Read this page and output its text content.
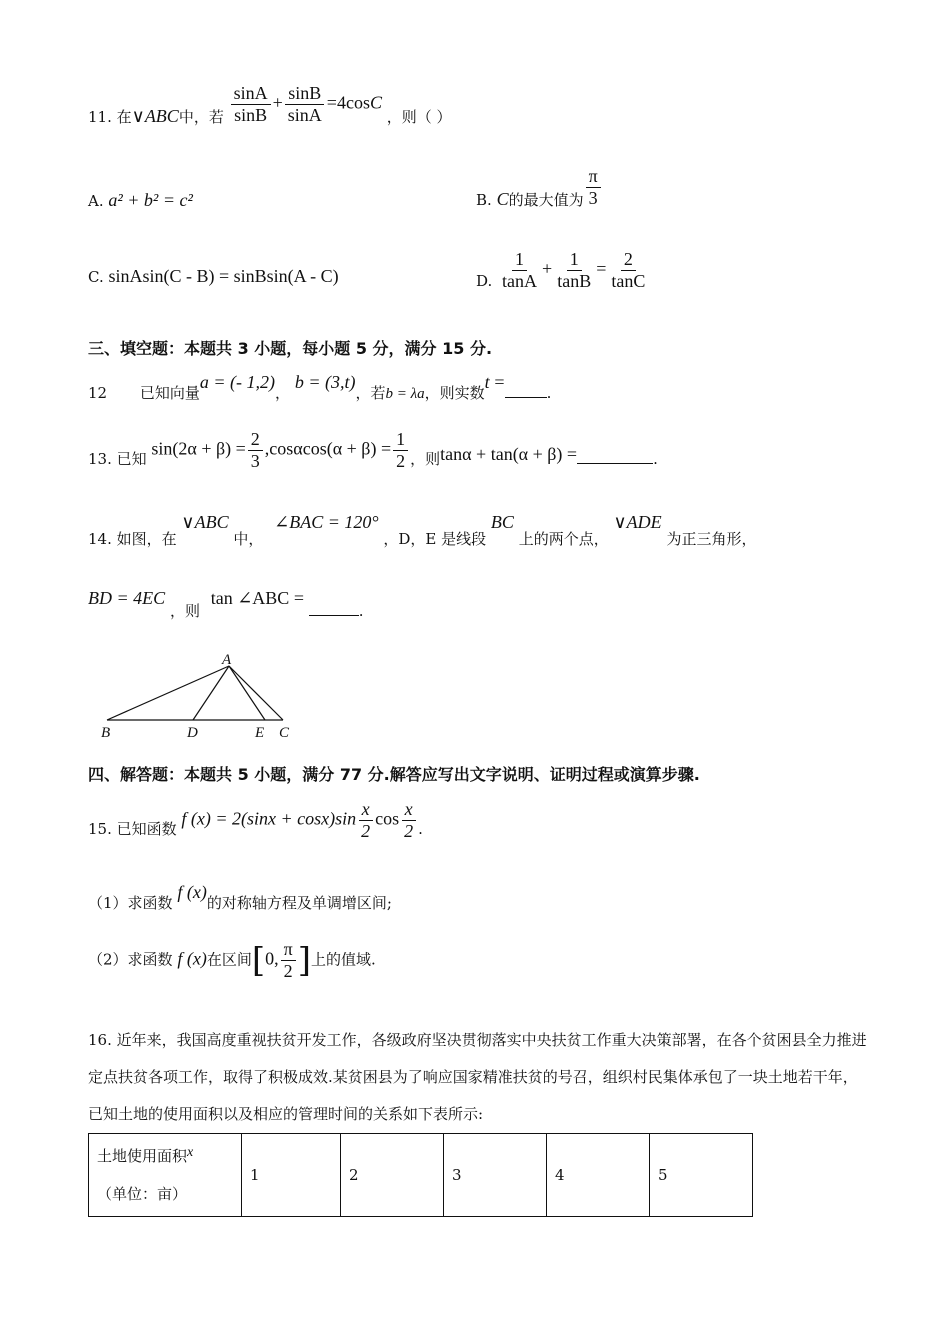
11. 在∨ABC中，若 $\frac{\sin A}{\sin B} + \frac{\sin B}{\sin A} =4\cos C$ ，则（ ）
A. a² + b² = c²	B. C的最大值为 $\frac{\pi}{3}$
C. sinAsin(C - B) = sinBsin(A - C)	D. $\frac{1}{\tan A} + \frac{1}{\tan B} = \frac{2}{\tan C}$
三、填空题：本题共 3 小题，每小题 5 分，满分 15 分.
12 已知向量a = (- 1,2)， b = (3,t)，若b = λa，则实数t =.
13. 已知 $\sin(2\alpha + \beta) = \frac{2}{3} ,\cos\alpha\cos(\alpha + \beta) = \frac{1}{2}$ ，则tanα + tan(α + β) =	.
14. 如图，在 ∨ABC 中， ∠BAC = 120° ，D，E 是线段 BC 上的两个点， ∨ADE 为正三角形，
BD = 4EC ，则 tan ∠ABC = .
A
B	D	E C
四、解答题：本题共 5 小题，满分 77 分.解答应写出文字说明、证明过程或演算步骤.
15. 已知函数 f $(x) = 2(\sin x + \cos x)\sin \frac{x}{2}$ $\cos \frac{x}{2}$ .
（1）求函数 f (x)的对称轴方程及单调增区间;
（2）求函数 f (x)在区间[0, $\frac{\pi}{2}$ ]上的值域.
16. 近年来，我国高度重视扶贫开发工作，各级政府坚决贯彻落实中央扶贫工作重大决策部署，在各个贫困县全力推进定点扶贫各项工作，取得了积极成效.某贫困县为了响应国家精准扶贫的号召，组织村民集体承包了一块土地若干年，已知土地的使用面积以及相应的管理时间的关系如下表所示:
土地使用面积x
（单位：亩）
	1	2	3	4	5
